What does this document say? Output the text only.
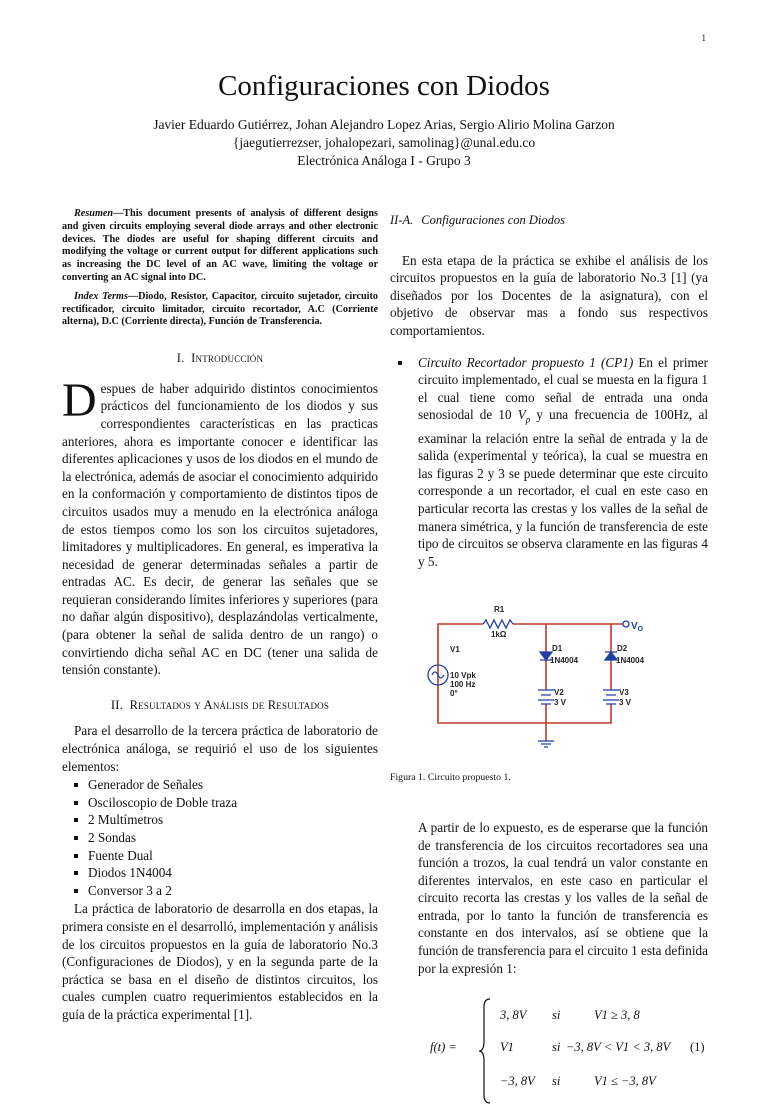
1
Configuraciones con Diodos
Javier Eduardo Gutiérrez, Johan Alejandro Lopez Arias, Sergio Alirio Molina Garzon
{jaegutierrezser, johalopezari, samolinag}@unal.edu.co
Electrónica Análoga I - Grupo 3

Resumen—This document presents of analysis of different designs and given circuits employing several diode arrays and other electronic devices. The diodes are useful for shaping different circuits and modifying the voltage or current output for different applications such as increasing the DC level of an AC wave, limiting the voltage or converting an AC signal into DC.

Index Terms—Diodo, Resistor, Capacitor, circuito sujetador, circuito rectificador, circuito limitador, circuito recortador, A.C (Corriente alterna), D.C (Corriente directa), Función de Transferencia.

I. Introducción

Despues de haber adquirido distintos conocimientos prácticos del funcionamiento de los diodos y sus correspondientes características en las practicas anteriores, ahora es importante conocer e identificar las diferentes aplicaciones y usos de los diodos en el mundo de la electrónica, además de asociar el conocimiento adquirido en la conformación y comportamiento de distintos tipos de circuitos usados muy a menudo en la electrónica análoga de estos tiempos como los son los circuitos sujetadores, limitadores y multiplicadores. En general, es imperativa la necesidad de generar determinadas señales a partir de entradas AC. Es decir, de generar las señales que se requieran considerando límites inferiores y superiores (para no dañar algún dispositivo), desplazándolas verticalmente, (para obtener la señal de salida dentro de un rango) o convirtiendo dicha señal AC en DC (tener una salida de tensión constante).

II. Resultados y Análisis de Resultados

Para el desarrollo de la tercera práctica de laboratorio de electrónica análoga, se requirió el uso de los siguientes elementos:

Generador de Señales
Osciloscopio de Doble traza
2 Multímetros
2 Sondas
Fuente Dual
Diodos 1N4004
Conversor 3 a 2

La práctica de laboratorio de desarrolla en dos etapas, la primera consiste en el desarrolló, implementación y análisis de los circuitos propuestos en la guía de laboratorio No.3 (Configuraciones de Diodos), y en la segunda parte de la práctica se basa en el diseño de distintos circuitos, los cuales cumplen cuatro requerimientos establecidos en la guía de la práctica experimental [1].

II-A. Configuraciones con Diodos

En esta etapa de la práctica se exhibe el análisis de los circuitos propuestos en la guía de laboratorio No.3 [1] (ya diseñados por los Docentes de la asignatura), con el objetivo de observar mas a fondo sus respectivos comportamientos.

Circuito Recortador propuesto 1 (CP1) En el primer circuito implementado, el cual se muesta en la figura 1 el cual tiene como señal de entrada una onda senosiodal de 10 $V_p$ y una frecuencia de 100Hz, al examinar la relación entre la señal de entrada y la de salida (experimental y teórica), la cual se muestra en las figuras 2 y 3 se puede determinar que este circuito corresponde a un recortador, el cual en este caso en particular recorta las crestas y los valles de la señal de manera simétrica, y la función de transferencia de este tipo de circuitos se observa claramente en las figuras 4 y 5.

R1
1kΩ
V1
10 Vpk
100 Hz
0°
D1
1N4004
D2
1N4004
V2
3 V
V3
3 V
$V_O$
Figura 1. Circuito propuesto 1.

A partir de lo expuesto, es de esperarse que la función de transferencia de los circuitos recortadores sea una función a trozos, la cual tendrá un valor constante en diferentes intervalos, en este caso en particular el circuito recorta las crestas y los valles de la señal de entrada, por lo tanto la función de transferencia es constante en dos intervalos, así se obtiene que la función de transferencia para el circuito 1 esta definida por la expresión 1:

f(t) =
3, 8V si	V1 ≥ 3, 8
V1	si −3, 8V < V1 < 3, 8V (1)
−3, 8V si	V1 ≤ −3, 8V
